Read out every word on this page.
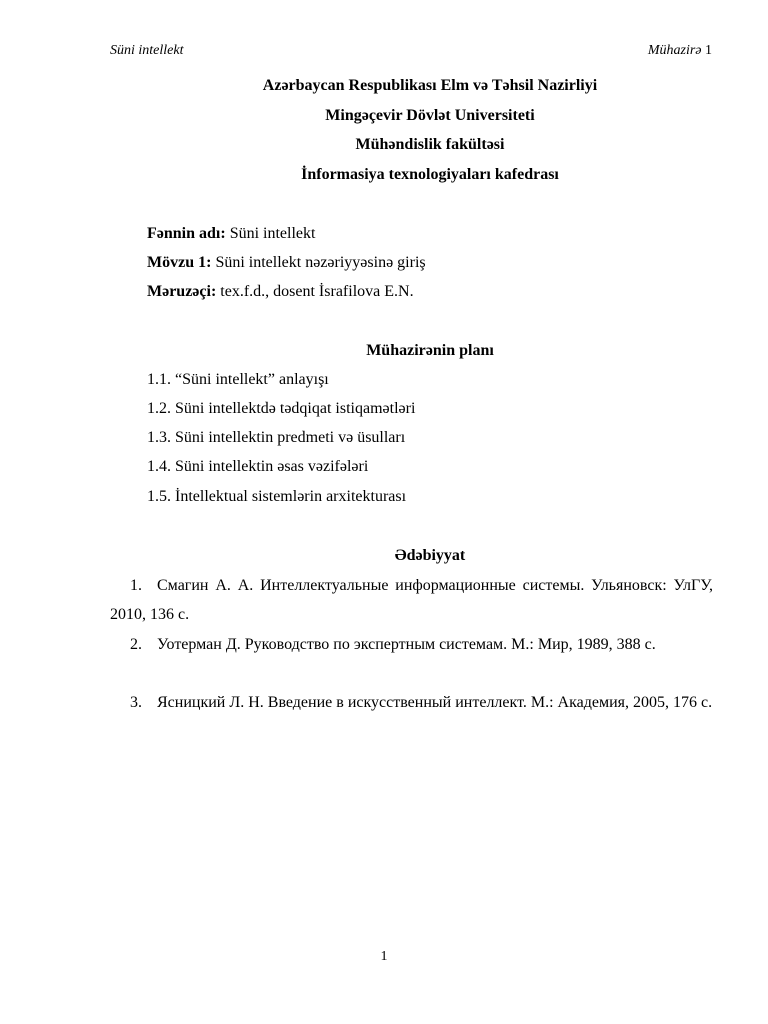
Süni intellekt	Mühazirə 1
Azərbaycan Respublikası Elm və Təhsil Nazirliyi
Mingəçevir Dövlət Universiteti
Mühəndislik fakültəsi
İnformasiya texnologiyaları kafedrası
Fənnin adı: Süni intellekt
Mövzu 1: Süni intellekt nəzəriyyəsinə giriş
Məruzəçi: tex.f.d., dosent İsrafilova E.N.
Mühazirənin planı
1.1. “Süni intellekt” anlayışı
1.2. Süni intellektdə tədqiqat istiqamətləri
1.3. Süni intellektin predmeti və üsulları
1.4. Süni intellektin əsas vəzifələri
1.5. İntellektual sistemlərin arxitekturası
Ədəbiyyat
1. Смагин А. А. Интеллектуальные информационные системы. Ульяновск: УлГУ, 2010, 136 с.
2. Уотерман Д. Руководство по экспертным системам. М.: Мир, 1989, 388 с.
3. Ясницкий Л. Н. Введение в искусственный интеллект. М.: Академия, 2005, 176 с.
1
